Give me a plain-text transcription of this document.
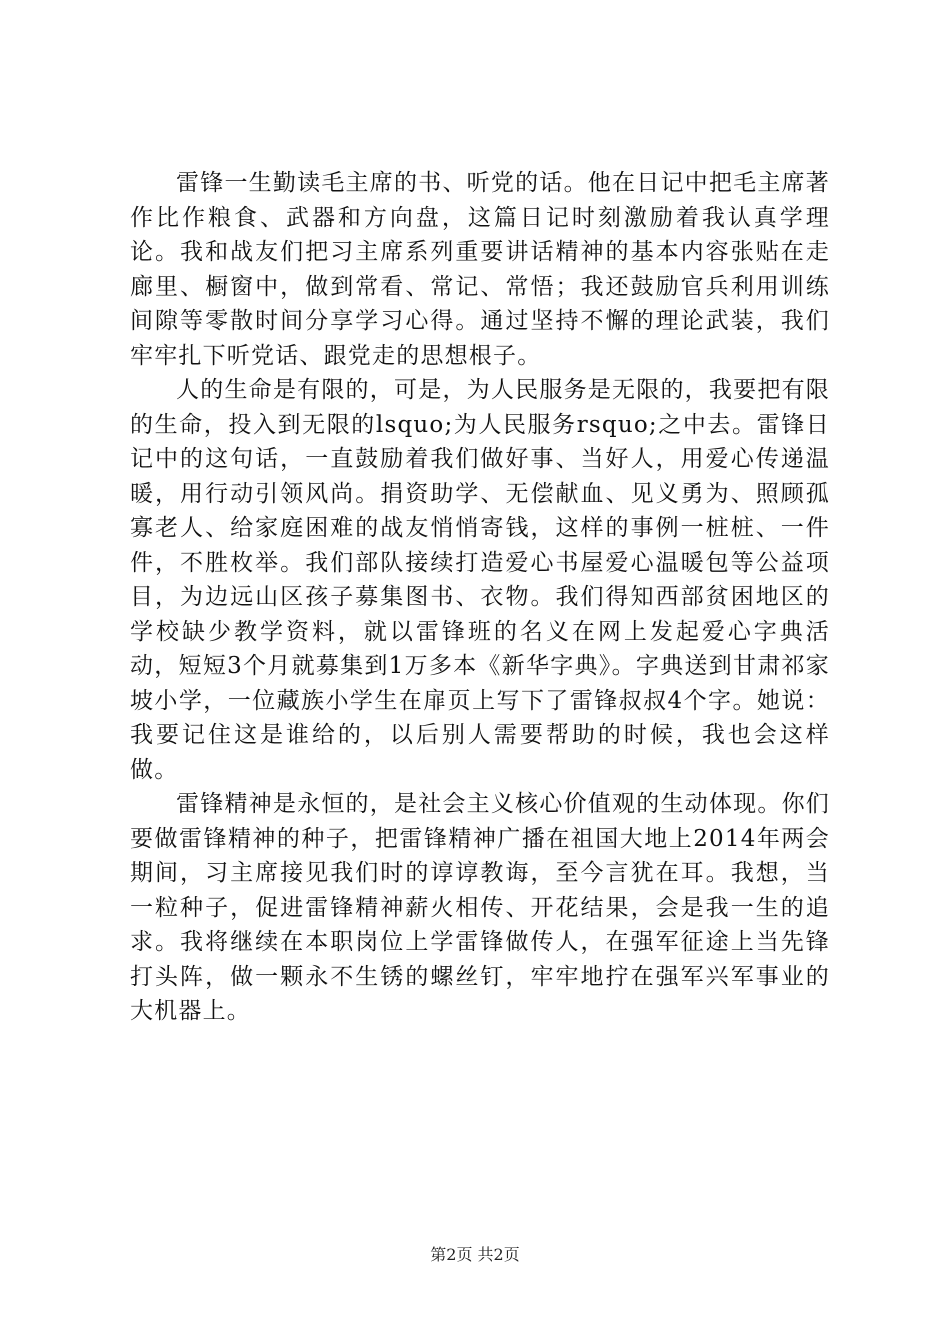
雷锋一生勤读毛主席的书、听党的话。他在日记中把毛主席著作比作粮食、武器和方向盘，这篇日记时刻激励着我认真学理论。我和战友们把习主席系列重要讲话精神的基本内容张贴在走廊里、橱窗中，做到常看、常记、常悟；我还鼓励官兵利用训练间隙等零散时间分享学习心得。通过坚持不懈的理论武装，我们牢牢扎下听党话、跟党走的思想根子。

人的生命是有限的，可是，为人民服务是无限的，我要把有限的生命，投入到无限的lsquo;为人民服务rsquo;之中去。雷锋日记中的这句话，一直鼓励着我们做好事、当好人，用爱心传递温暖，用行动引领风尚。捐资助学、无偿献血、见义勇为、照顾孤寡老人、给家庭困难的战友悄悄寄钱，这样的事例一桩桩、一件件，不胜枚举。我们部队接续打造爱心书屋爱心温暖包等公益项目，为边远山区孩子募集图书、衣物。我们得知西部贫困地区的学校缺少教学资料，就以雷锋班的名义在网上发起爱心字典活动，短短3个月就募集到1万多本《新华字典》。字典送到甘肃祁家坡小学，一位藏族小学生在扉页上写下了雷锋叔叔4个字。她说：我要记住这是谁给的，以后别人需要帮助的时候，我也会这样做。

雷锋精神是永恒的，是社会主义核心价值观的生动体现。你们要做雷锋精神的种子，把雷锋精神广播在祖国大地上2014年两会期间，习主席接见我们时的谆谆教诲，至今言犹在耳。我想，当一粒种子，促进雷锋精神薪火相传、开花结果，会是我一生的追求。我将继续在本职岗位上学雷锋做传人，在强军征途上当先锋打头阵，做一颗永不生锈的螺丝钉，牢牢地拧在强军兴军事业的大机器上。

第2页 共2页
